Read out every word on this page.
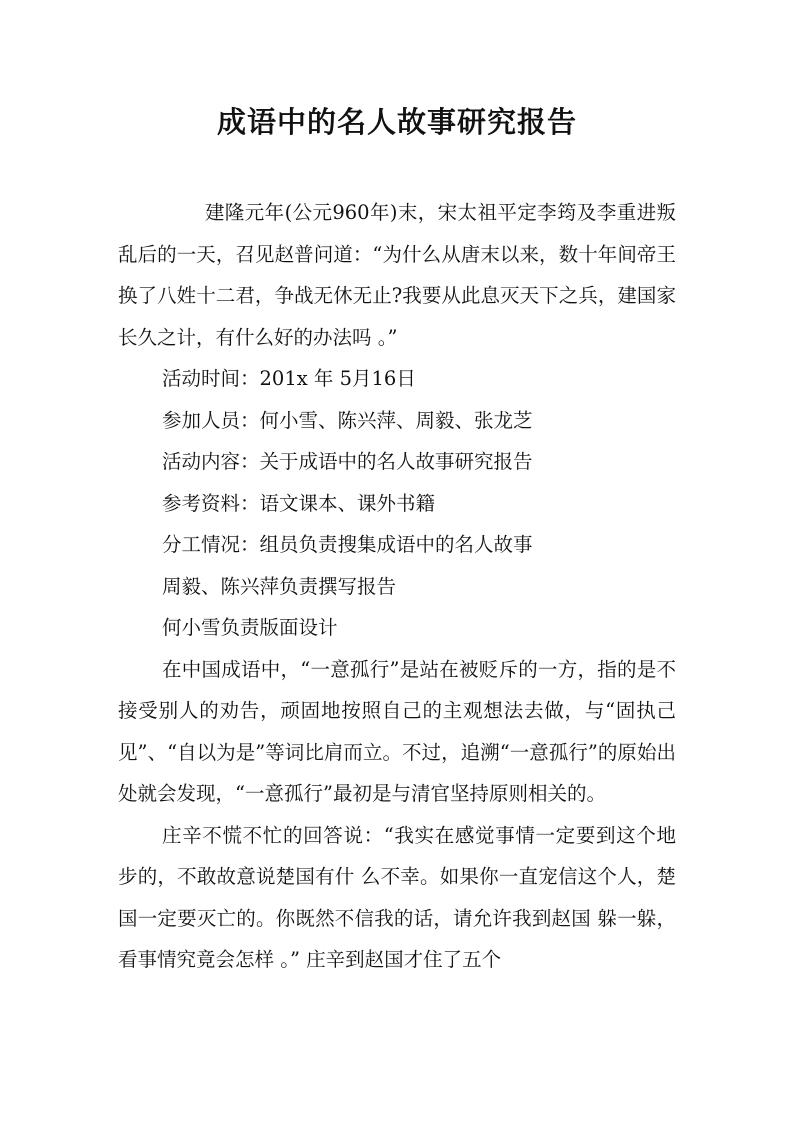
成语中的名人故事研究报告

建隆元年(公元960年)末，宋太祖平定李筠及李重进叛乱后的一天，召见赵普问道：“为什么从唐末以来，数十年间帝王换了八姓十二君，争战无休无止?我要从此息灭天下之兵，建国家长久之计，有什么好的办法吗 。”

活动时间：201x 年 5月16日

参加人员：何小雪、陈兴萍、周毅、张龙芝

活动内容：关于成语中的名人故事研究报告

参考资料：语文课本、课外书籍

分工情况：组员负责搜集成语中的名人故事

周毅、陈兴萍负责撰写报告

何小雪负责版面设计

在中国成语中，“一意孤行”是站在被贬斥的一方，指的是不接受别人的劝告，顽固地按照自己的主观想法去做，与“固执己见”、“自以为是”等词比肩而立。不过，追溯“一意孤行”的原始出处就会发现，“一意孤行”最初是与清官坚持原则相关的。

庄辛不慌不忙的回答说：“我实在感觉事情一定要到这个地步的，不敢故意说楚国有什 么不幸。如果你一直宠信这个人，楚国一定要灭亡的。你既然不信我的话，请允许我到赵国 躲一躲，看事情究竟会怎样 。” 庄辛到赵国才住了五个
